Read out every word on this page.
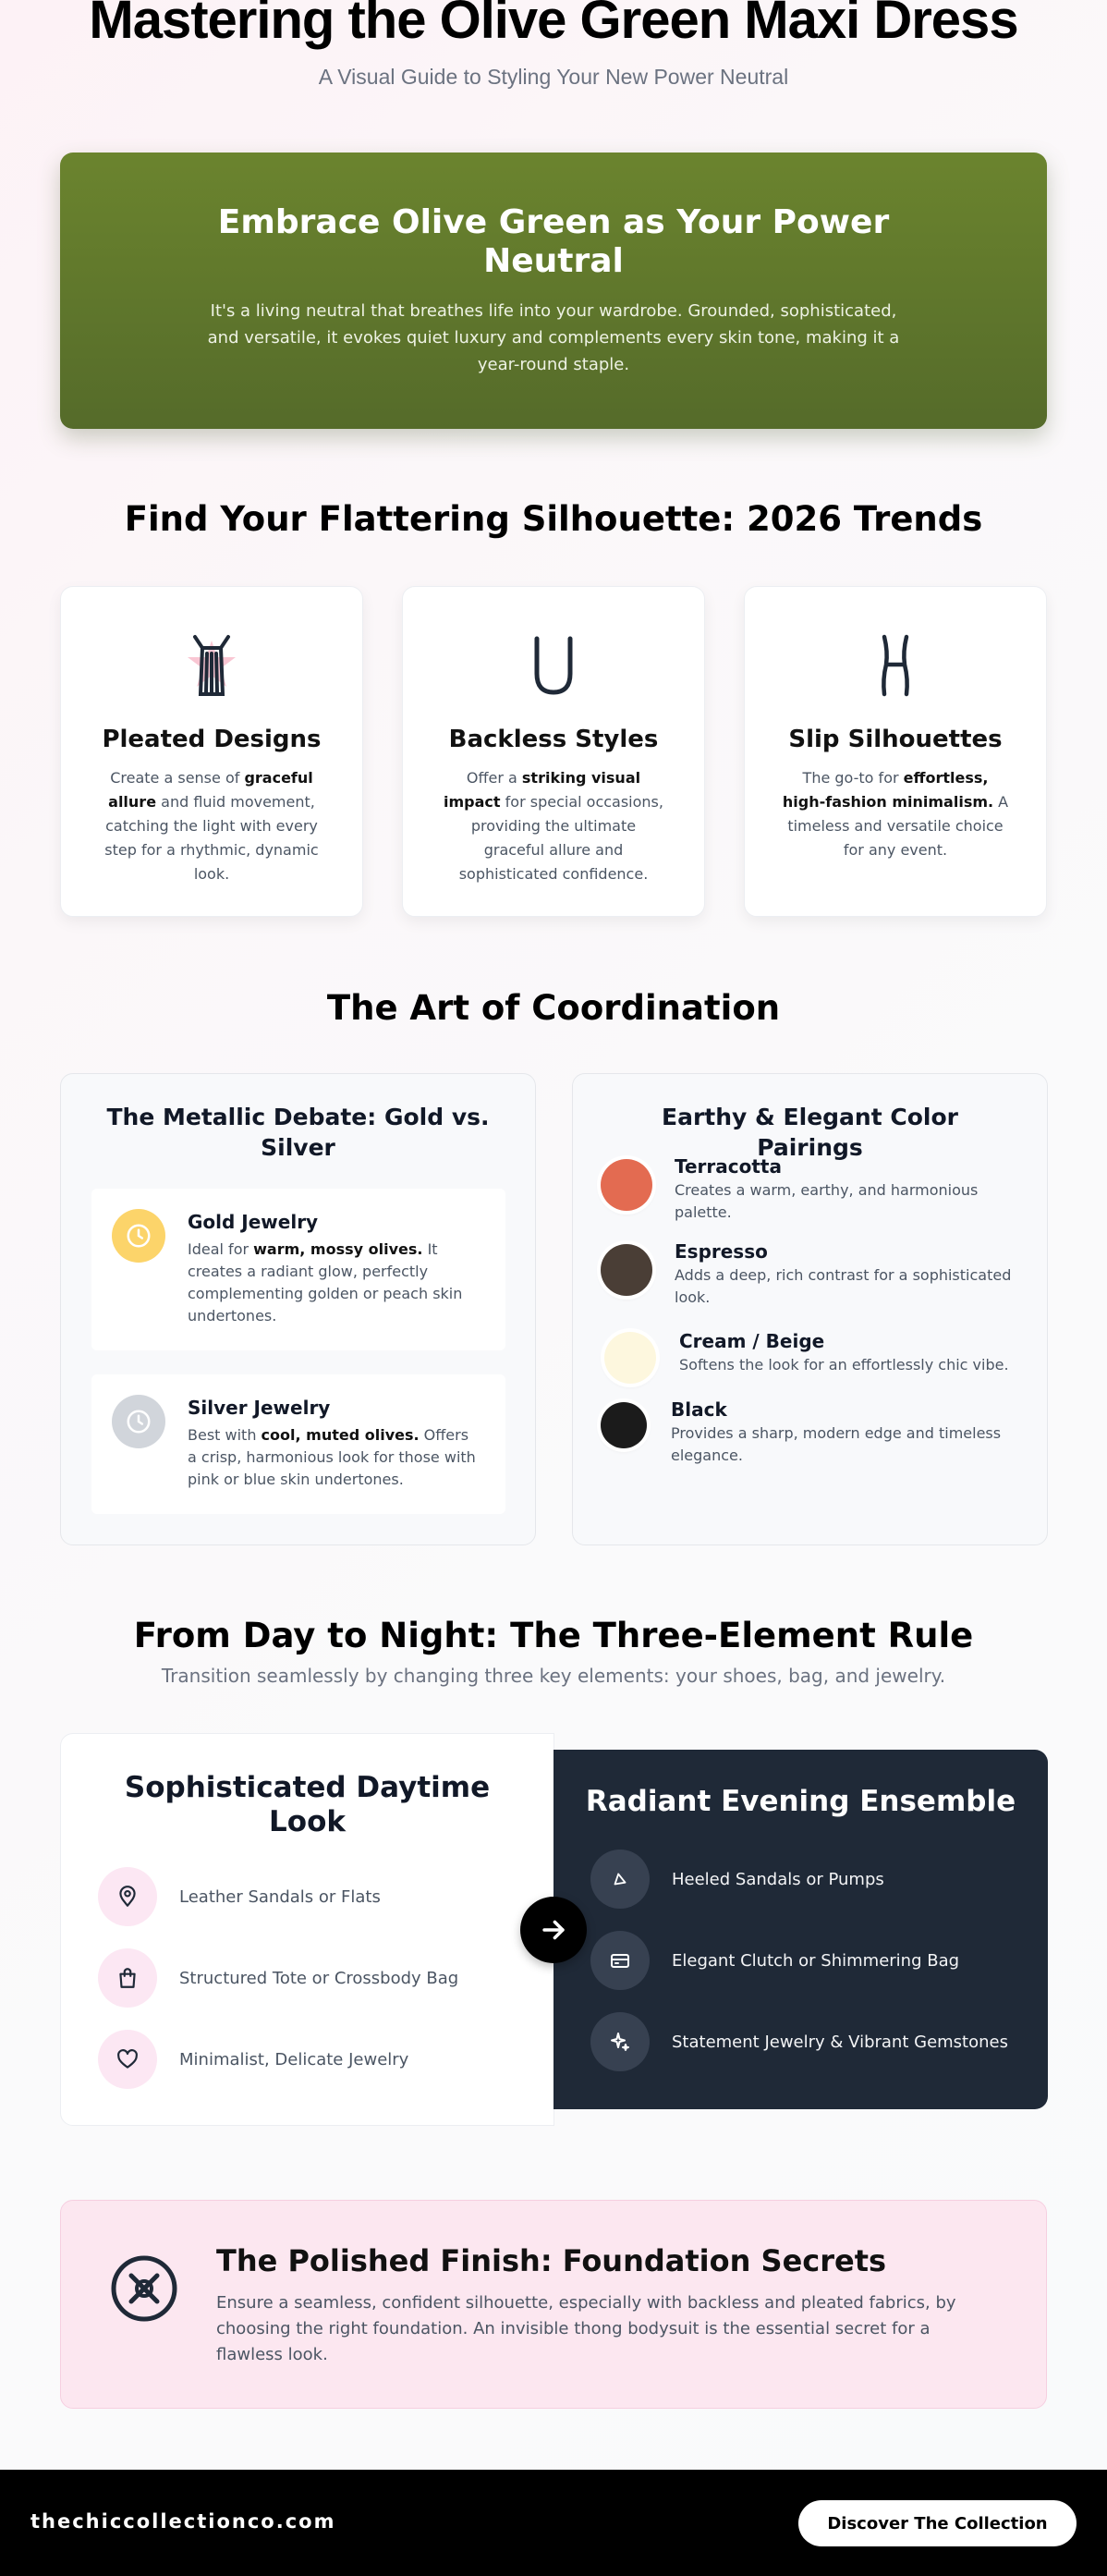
Mastering the Olive Green Maxi Dress
A Visual Guide to Styling Your New Power Neutral
Embrace Olive Green as Your Power Neutral

It's a living neutral that breathes life into your wardrobe. Grounded, sophisticated, and versatile, it evokes quiet luxury and complements every skin tone, making it a year-round staple.

Find Your Flattering Silhouette: 2026 Trends
Pleated Designs

Create a sense of graceful allure and fluid movement, catching the light with every step for a rhythmic, dynamic look.

Backless Styles

Offer a striking visual impact for special occasions, providing the ultimate graceful allure and sophisticated confidence.

Slip Silhouettes

The go-to for effortless, high-fashion minimalism. A timeless and versatile choice for any event.

The Art of Coordination
The Metallic Debate: Gold vs. Silver
Gold Jewelry

Ideal for warm, mossy olives. It creates a radiant glow, perfectly complementing golden or peach skin undertones.

Silver Jewelry

Best with cool, muted olives. Offers a crisp, harmonious look for those with pink or blue skin undertones.

Earthy & Elegant Color Pairings
Terracotta

Creates a warm, earthy, and harmonious palette.

Espresso

Adds a deep, rich contrast for a sophisticated look.

Cream / Beige

Softens the look for an effortlessly chic vibe.

Black

Provides a sharp, modern edge and timeless elegance.

From Day to Night: The Three-Element Rule
Transition seamlessly by changing three key elements: your shoes, bag, and jewelry.
Sophisticated Daytime Look
Leather Sandals or Flats
Structured Tote or Crossbody Bag
Minimalist, Delicate Jewelry
Radiant Evening Ensemble
Heeled Sandals or Pumps
Elegant Clutch or Shimmering Bag
Statement Jewelry & Vibrant Gemstones
The Polished Finish: Foundation Secrets

Ensure a seamless, confident silhouette, especially with backless and pleated fabrics, by choosing the right foundation. An invisible thong bodysuit is the essential secret for a flawless look.

thechiccollectionco.com	Discover The Collection
